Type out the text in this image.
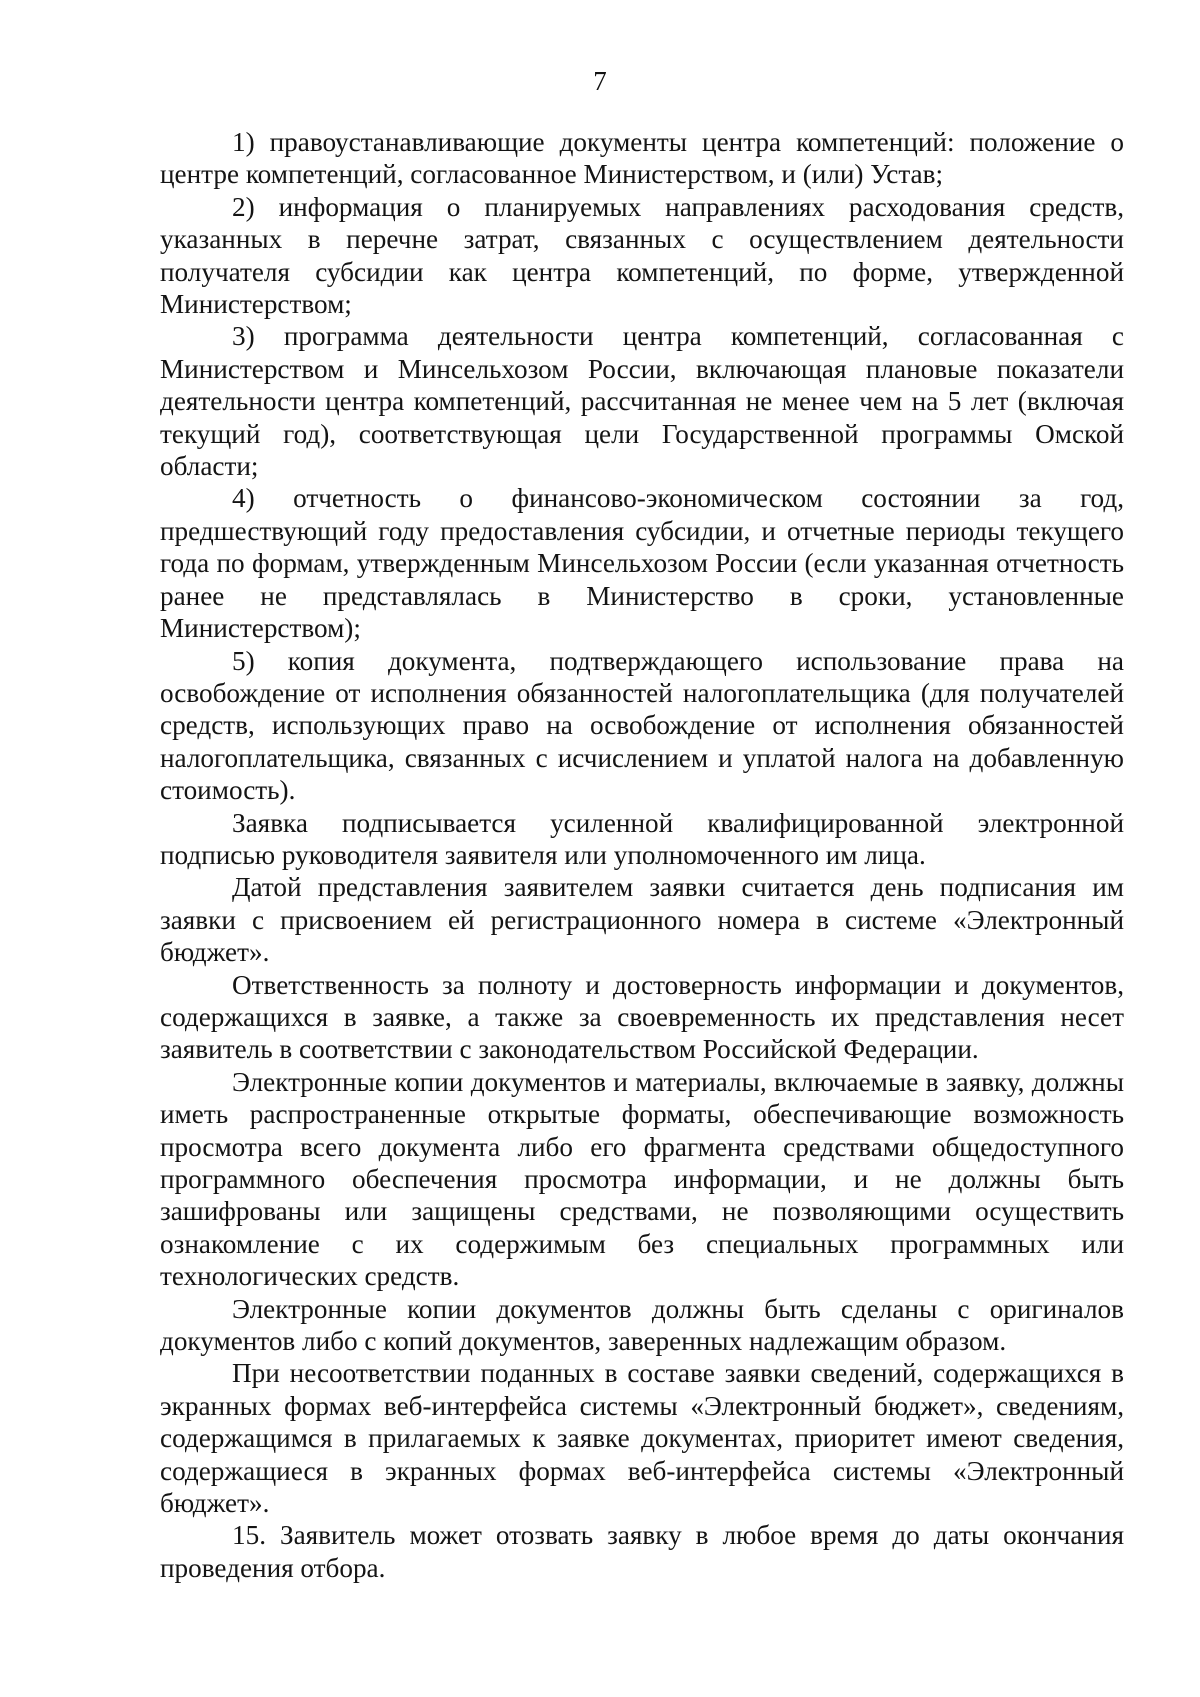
7

1) правоустанавливающие документы центра компетенций: положение о центре компетенций, согласованное Министерством, и (или) Устав;

2) информация о планируемых направлениях расходования средств, указанных в перечне затрат, связанных с осуществлением деятельности получателя субсидии как центра компетенций, по форме, утвержденной Министерством;

3) программа деятельности центра компетенций, согласованная с Министерством и Минсельхозом России, включающая плановые показатели деятельности центра компетенций, рассчитанная не менее чем на 5 лет (включая текущий год), соответствующая цели Государственной программы Омской области;

4) отчетность о финансово-экономическом состоянии за год, предшествующий году предоставления субсидии, и отчетные периоды текущего года по формам, утвержденным Минсельхозом России (если указанная отчетность ранее не представлялась в Министерство в сроки, установленные Министерством);

5) копия документа, подтверждающего использование права на освобождение от исполнения обязанностей налогоплательщика (для получателей средств, использующих право на освобождение от исполнения обязанностей налогоплательщика, связанных с исчислением и уплатой налога на добавленную стоимость).

Заявка подписывается усиленной квалифицированной электронной подписью руководителя заявителя или уполномоченного им лица.

Датой представления заявителем заявки считается день подписания им заявки с присвоением ей регистрационного номера в системе «Электронный бюджет».

Ответственность за полноту и достоверность информации и документов, содержащихся в заявке, а также за своевременность их представления несет заявитель в соответствии с законодательством Российской Федерации.

Электронные копии документов и материалы, включаемые в заявку, должны иметь распространенные открытые форматы, обеспечивающие возможность просмотра всего документа либо его фрагмента средствами общедоступного программного обеспечения просмотра информации, и не должны быть зашифрованы или защищены средствами, не позволяющими осуществить ознакомление с их содержимым без специальных программных или технологических средств.

Электронные копии документов должны быть сделаны с оригиналов документов либо с копий документов, заверенных надлежащим образом.

При несоответствии поданных в составе заявки сведений, содержащихся в экранных формах веб-интерфейса системы «Электронный бюджет», сведениям, содержащимся в прилагаемых к заявке документах, приоритет имеют сведения, содержащиеся в экранных формах веб-интерфейса системы «Электронный бюджет».

15. Заявитель может отозвать заявку в любое время до даты окончания проведения отбора.
